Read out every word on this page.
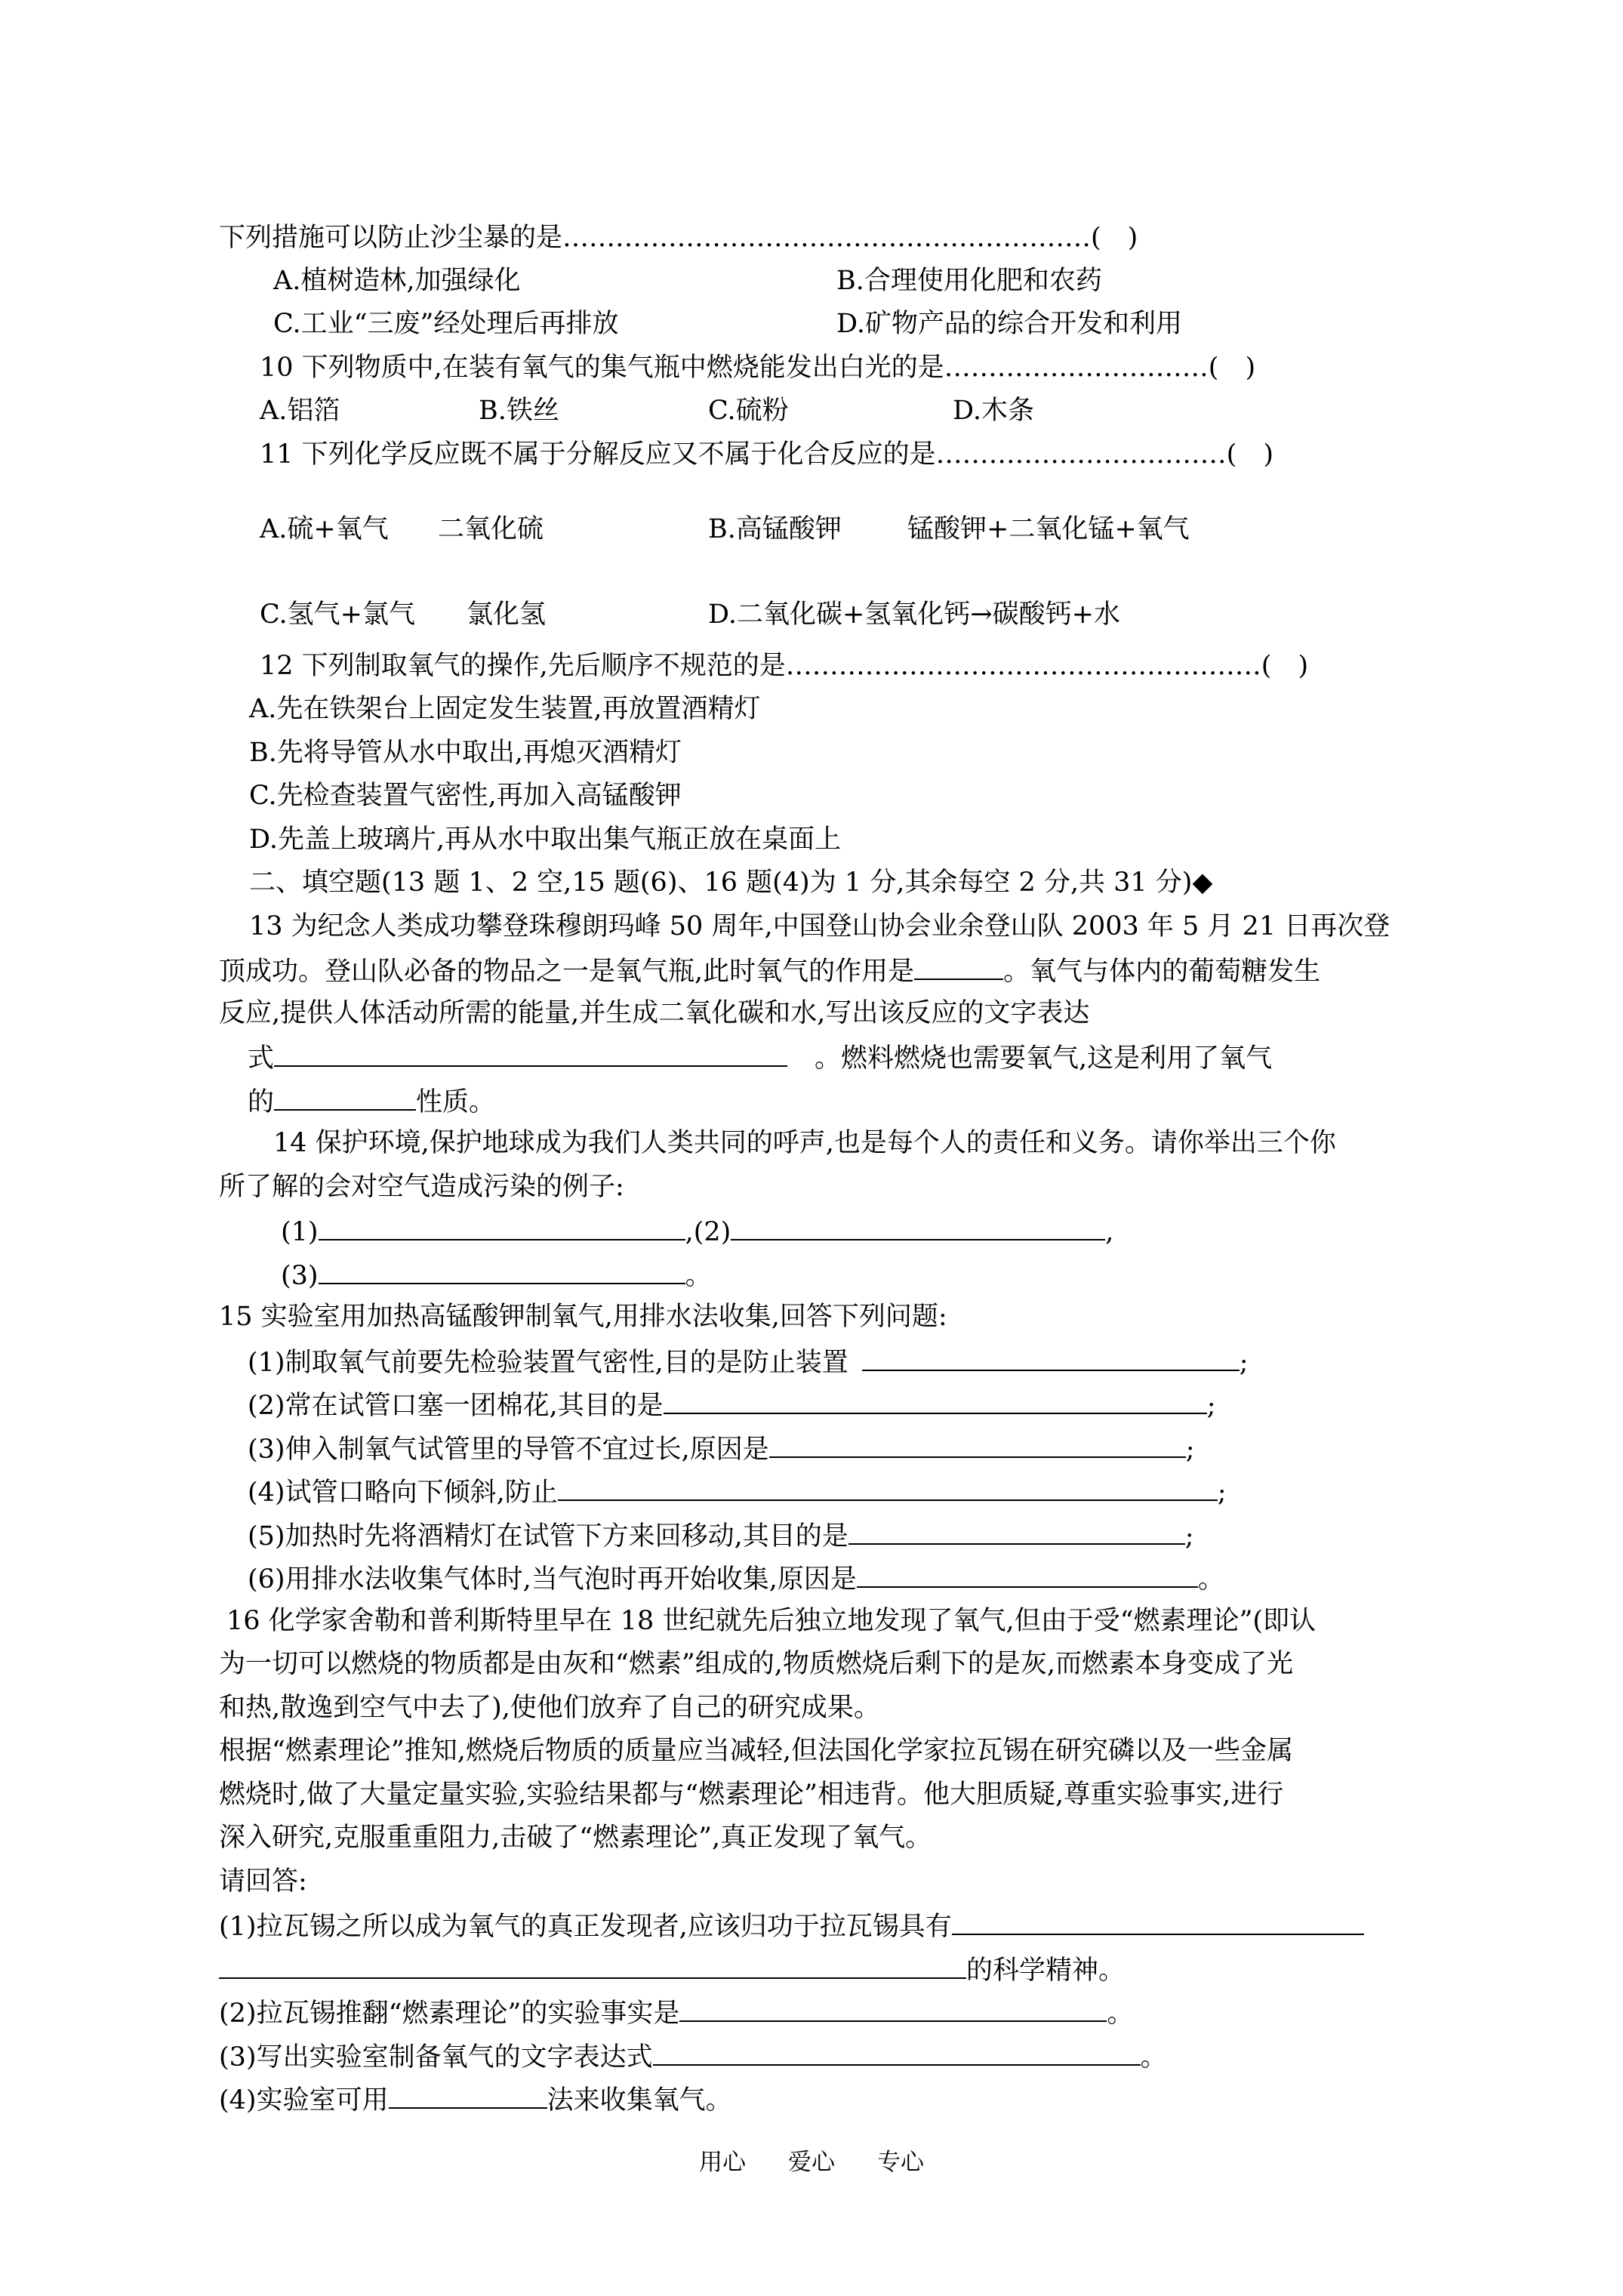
下列措施可以防止沙尘暴的是……………………………………………………(　)
A.植树造林,加强绿化	B.合理使用化肥和农药
C.工业“三废”经处理后再排放	D.矿物产品的综合开发和利用
10 下列物质中,在装有氧气的集气瓶中燃烧能发出白光的是…………………………(　)
A.铝箔	B.铁丝	C.硫粉	D.木条
11 下列化学反应既不属于分解反应又不属于化合反应的是……………………………(　)
A.硫+氧气 二氧化硫	B.高锰酸钾 锰酸钾+二氧化锰+氧气
C.氢气+氯气 氯化氢	D.二氧化碳+氢氧化钙→碳酸钙+水
12 下列制取氧气的操作,先后顺序不规范的是………………………………………………(　)
A.先在铁架台上固定发生装置,再放置酒精灯
B.先将导管从水中取出,再熄灭酒精灯
C.先检查装置气密性,再加入高锰酸钾
D.先盖上玻璃片,再从水中取出集气瓶正放在桌面上
二、填空题(13 题 1、2 空,15 题(6)、16 题(4)为 1 分,其余每空 2 分,共 31 分)◆
13 为纪念人类成功攀登珠穆朗玛峰 50 周年,中国登山协会业余登山队 2003 年 5 月 21 日再次登
顶成功。登山队必备的物品之一是氧气瓶,此时氧气的作用是	。氧气与体内的葡萄糖发生
反应,提供人体活动所需的能量,并生成二氧化碳和水,写出该反应的文字表达
式	。燃料燃烧也需要氧气,这是利用了氧气
的	性质。
14 保护环境,保护地球成为我们人类共同的呼声,也是每个人的责任和义务。请你举出三个你
所了解的会对空气造成污染的例子:
(1)	,(2)	,
(3)	。
15 实验室用加热高锰酸钾制氧气,用排水法收集,回答下列问题:
(1)制取氧气前要先检验装置气密性,目的是防止装置	;
(2)常在试管口塞一团棉花,其目的是	;
(3)伸入制氧气试管里的导管不宜过长,原因是	;
(4)试管口略向下倾斜,防止	;
(5)加热时先将酒精灯在试管下方来回移动,其目的是	;
(6)用排水法收集气体时,当气泡时再开始收集,原因是	。
16 化学家舍勒和普利斯特里早在 18 世纪就先后独立地发现了氧气,但由于受“燃素理论”(即认
为一切可以燃烧的物质都是由灰和“燃素”组成的,物质燃烧后剩下的是灰,而燃素本身变成了光
和热,散逸到空气中去了),使他们放弃了自己的研究成果。
根据“燃素理论”推知,燃烧后物质的质量应当减轻,但法国化学家拉瓦锡在研究磷以及一些金属
燃烧时,做了大量定量实验,实验结果都与“燃素理论”相违背。他大胆质疑,尊重实验事实,进行
深入研究,克服重重阻力,击破了“燃素理论”,真正发现了氧气。
请回答:
(1)拉瓦锡之所以成为氧气的真正发现者,应该归功于拉瓦锡具有
的科学精神。
(2)拉瓦锡推翻“燃素理论”的实验事实是	。
(3)写出实验室制备氧气的文字表达式	。
(4)实验室可用	法来收集氧气。
用心 爱心 专心
